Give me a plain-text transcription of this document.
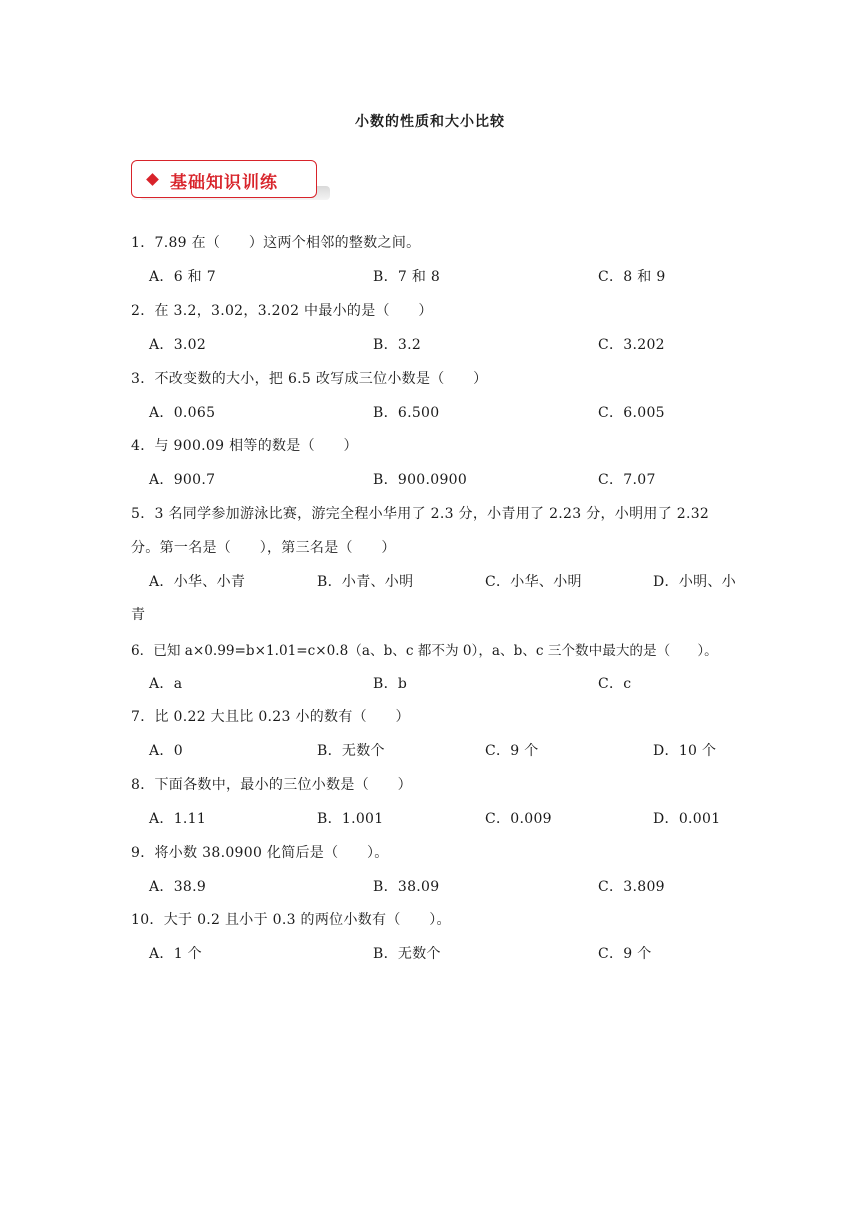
小数的性质和大小比较
基础知识训练
1．7.89 在（　　）这两个相邻的整数之间。
A．6 和 7	B．7 和 8	C．8 和 9
2．在 3.2，3.02，3.202 中最小的是（　　）
A．3.02	B．3.2	C．3.202
3．不改变数的大小，把 6.5 改写成三位小数是（　　）
A．0.065	B．6.500	C．6.005
4．与 900.09 相等的数是（　　）
A．900.7	B．900.0900	C．7.07
5．3 名同学参加游泳比赛，游完全程小华用了 2.3 分，小青用了 2.23 分，小明用了 2.32
分。第一名是（　　），第三名是（　　）
A．小华、小青	B．小青、小明	C．小华、小明	D．小明、小
青
6．已知 a×0.99=b×1.01=c×0.8（a、b、c 都不为 0），a、b、c 三个数中最大的是（　　）。
A．a	B．b	C．c
7．比 0.22 大且比 0.23 小的数有（　　）
A．0	B．无数个	C．9 个	D．10 个
8．下面各数中，最小的三位小数是（　　）
A．1.11	B．1.001	C．0.009	D．0.001
9．将小数 38.0900 化简后是（　　）。
A．38.9	B．38.09	C．3.809
10．大于 0.2 且小于 0.3 的两位小数有（　　）。
A．1 个	B．无数个	C．9 个
